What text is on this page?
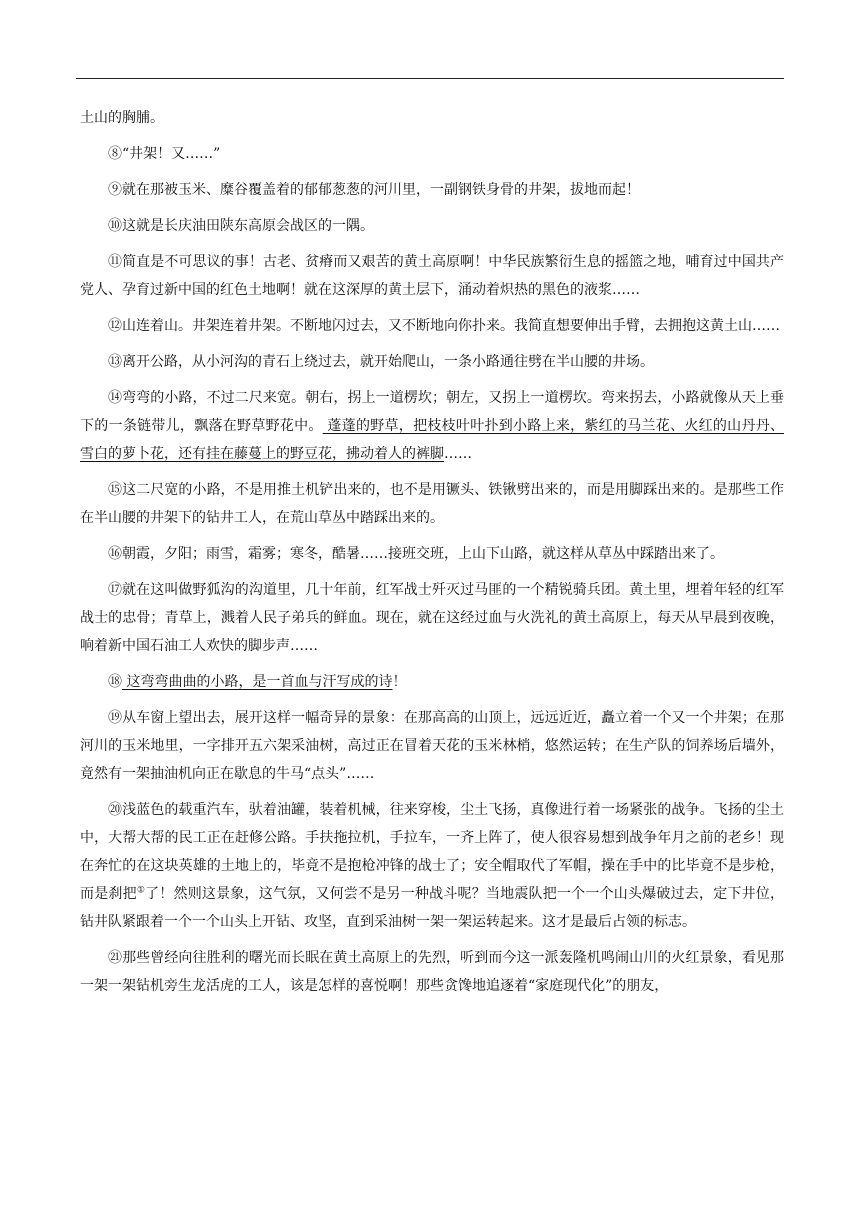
土山的胸脯。

⑧“井架！又……”

⑨就在那被玉米、糜谷覆盖着的郁郁葱葱的河川里，一副钢铁身骨的井架，拔地而起！

⑩这就是长庆油田陕东高原会战区的一隅。

⑪简直是不可思议的事！古老、贫瘠而又艰苦的黄土高原啊！中华民族繁衍生息的摇篮之地，哺育过中国共产党人、孕育过新中国的红色土地啊！就在这深厚的黄土层下，涌动着炽热的黑色的液浆……

⑫山连着山。井架连着井架。不断地闪过去，又不断地向你扑来。我简直想要伸出手臂，去拥抱这黄土山……

⑬离开公路，从小河沟的青石上绕过去，就开始爬山，一条小路通往劈在半山腰的井场。

⑭弯弯的小路，不过二尺来宽。朝右，拐上一道楞坎；朝左，又拐上一道楞坎。弯来拐去，小路就像从天上垂下的一条链带儿，飘落在野草野花中。 蓬蓬的野草，把枝枝叶叶扑到小路上来，紫红的马兰花、火红的山丹丹、雪白的萝卜花，还有挂在藤蔓上的野豆花，拂动着人的裤脚……

⑮这二尺宽的小路，不是用推土机铲出来的，也不是用镢头、铁锹劈出来的，而是用脚踩出来的。是那些工作在半山腰的井架下的钻井工人，在荒山草丛中踏踩出来的。

⑯朝霞，夕阳；雨雪，霜雾；寒冬，酷暑……接班交班，上山下山路，就这样从草丛中踩踏出来了。

⑰就在这叫做野狐沟的沟道里，几十年前，红军战士歼灭过马匪的一个精锐骑兵团。黄土里，埋着年轻的红军战士的忠骨；青草上，溅着人民子弟兵的鲜血。现在，就在这经过血与火洗礼的黄土高原上，每天从早晨到夜晚，响着新中国石油工人欢快的脚步声……

⑱ 这弯弯曲曲的小路，是一首血与汗写成的诗！

⑲从车窗上望出去，展开这样一幅奇异的景象：在那高高的山顶上，远远近近，矗立着一个又一个井架；在那河川的玉米地里，一字排开五六架采油树，高过正在冒着天花的玉米林梢，悠然运转；在生产队的饲养场后墙外，竟然有一架抽油机向正在歇息的牛马“点头”……

⑳浅蓝色的载重汽车，驮着油罐，装着机械，往来穿梭，尘土飞扬，真像进行着一场紧张的战争。飞扬的尘土中，大帮大帮的民工正在赶修公路。手扶拖拉机，手拉车，一齐上阵了，使人很容易想到战争年月之前的老乡！现在奔忙的在这块英雄的土地上的，毕竟不是抱枪冲锋的战士了；安全帽取代了军帽，操在手中的比毕竟不是步枪，而是刹把①了！然则这景象，这气氛，又何尝不是另一种战斗呢？当地震队把一个一个山头爆破过去，定下井位，钻井队紧跟着一个一个山头上开钻、攻坚，直到采油树一架一架运转起来。这才是最后占领的标志。

㉑那些曾经向往胜利的曙光而长眠在黄土高原上的先烈，听到而今这一派轰隆机鸣闹山川的火红景象，看见那一架一架钻机旁生龙活虎的工人，该是怎样的喜悦啊！那些贪馋地追逐着“家庭现代化”的朋友，
